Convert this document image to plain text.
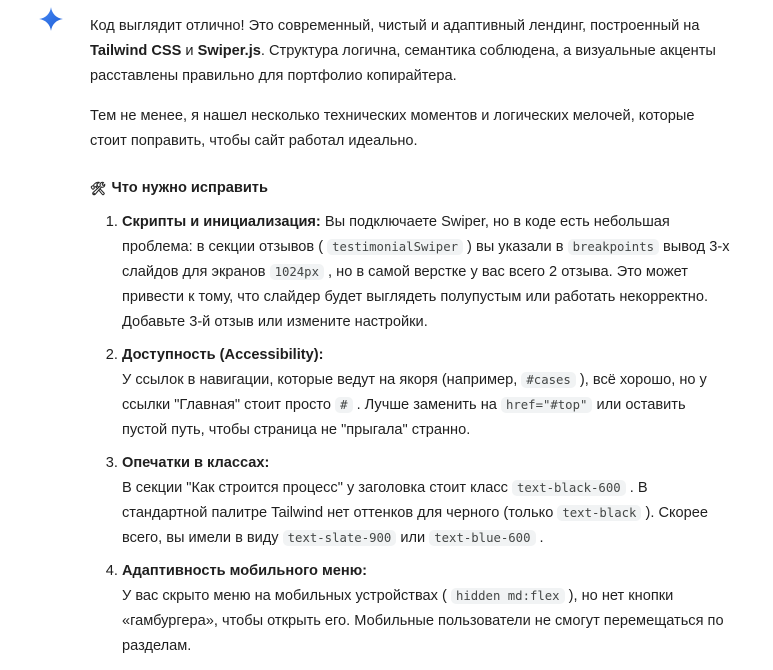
Код выглядит отлично! Это современный, чистый и адаптивный лендинг, построенный на Tailwind CSS и Swiper.js. Структура логична, семантика соблюдена, а визуальные акценты расставлены правильно для портфолио копирайтера.

Тем не менее, я нашел несколько технических моментов и логических мелочей, которые стоит поправить, чтобы сайт работал идеально.

🛠 Что нужно исправить
1. Скрипты и инициализация: Вы подключаете Swiper, но в коде есть небольшая проблема: в секции отзывов ( testimonialSwiper ) вы указали в breakpoints вывод 3-х слайдов для экранов 1024px , но в самой верстке у вас всего 2 отзыва. Это может привести к тому, что слайдер будет выглядеть полупустым или работать некорректно. Добавьте 3-й отзыв или измените настройки.
2. Доступность (Accessibility):
У ссылок в навигации, которые ведут на якоря (например, #cases ), всё хорошо, но у ссылки "Главная" стоит просто # . Лучше заменить на href="#top" или оставить пустой путь, чтобы страница не "прыгала" странно.
3. Опечатки в классах:
В секции "Как строится процесс" у заголовка стоит класс text-black-600 . В стандартной палитре Tailwind нет оттенков для черного (только text-black ). Скорее всего, вы имели в виду text-slate-900 или text-blue-600 .
4. Адаптивность мобильного меню:
У вас скрыто меню на мобильных устройствах ( hidden md:flex ), но нет кнопки «гамбургера», чтобы открыть его. Мобильные пользователи не смогут перемещаться по разделам.
